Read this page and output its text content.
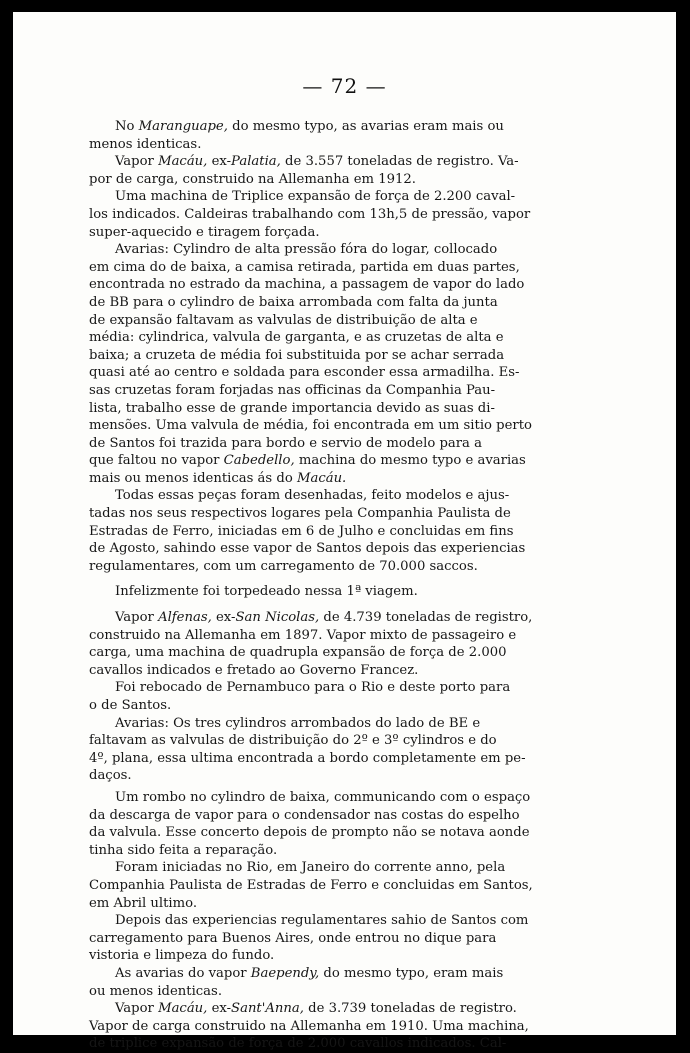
— 72 —
No Maranguape, do mesmo typo, as avarias eram mais ou
menos identicas.
Vapor Macáu, ex-Palatia, de 3.557 toneladas de registro. Va-
por de carga, construido na Allemanha em 1912.
Uma machina de Triplice expansão de força de 2.200 caval-
los indicados. Caldeiras trabalhando com 13h,5 de pressão, vapor
super-aquecido e tiragem forçada.
Avarias: Cylindro de alta pressão fóra do logar, collocado
em cima do de baixa, a camisa retirada, partida em duas partes,
encontrada no estrado da machina, a passagem de vapor do lado
de BB para o cylindro de baixa arrombada com falta da junta
de expansão faltavam as valvulas de distribuição de alta e
média: cylindrica, valvula de garganta, e as cruzetas de alta e
baixa; a cruzeta de média foi substituida por se achar serrada
quasi até ao centro e soldada para esconder essa armadilha. Es-
sas cruzetas foram forjadas nas officinas da Companhia Pau-
lista, trabalho esse de grande importancia devido as suas di-
mensões. Uma valvula de média, foi encontrada em um sitio perto
de Santos foi trazida para bordo e servio de modelo para a
que faltou no vapor Cabedello, machina do mesmo typo e avarias
mais ou menos identicas ás do Macáu.
Todas essas peças foram desenhadas, feito modelos e ajus-
tadas nos seus respectivos logares pela Companhia Paulista de
Estradas de Ferro, iniciadas em 6 de Julho e concluidas em fins
de Agosto, sahindo esse vapor de Santos depois das experiencias
regulamentares, com um carregamento de 70.000 saccos.
Infelizmente foi torpedeado nessa 1ª viagem.
Vapor Alfenas, ex-San Nicolas, de 4.739 toneladas de registro,
construido na Allemanha em 1897. Vapor mixto de passageiro e
carga, uma machina de quadrupla expansão de força de 2.000
cavallos indicados e fretado ao Governo Francez.
Foi rebocado de Pernambuco para o Rio e deste porto para
o de Santos.
Avarias: Os tres cylindros arrombados do lado de BE e
faltavam as valvulas de distribuição do 2º e 3º cylindros e do
4º, plana, essa ultima encontrada a bordo completamente em pe-
daços.
Um rombo no cylindro de baixa, communicando com o espaço
da descarga de vapor para o condensador nas costas do espelho
da valvula. Esse concerto depois de prompto não se notava aonde
tinha sido feita a reparação.
Foram iniciadas no Rio, em Janeiro do corrente anno, pela
Companhia Paulista de Estradas de Ferro e concluidas em Santos,
em Abril ultimo.
Depois das experiencias regulamentares sahio de Santos com
carregamento para Buenos Aires, onde entrou no dique para
vistoria e limpeza do fundo.
As avarias do vapor Baependy, do mesmo typo, eram mais
ou menos identicas.
Vapor Macáu, ex-Sant'Anna, de 3.739 toneladas de registro.
Vapor de carga construido na Allemanha em 1910. Uma machina,
de triplice expansão de força de 2.000 cavallos indicados. Cal-
